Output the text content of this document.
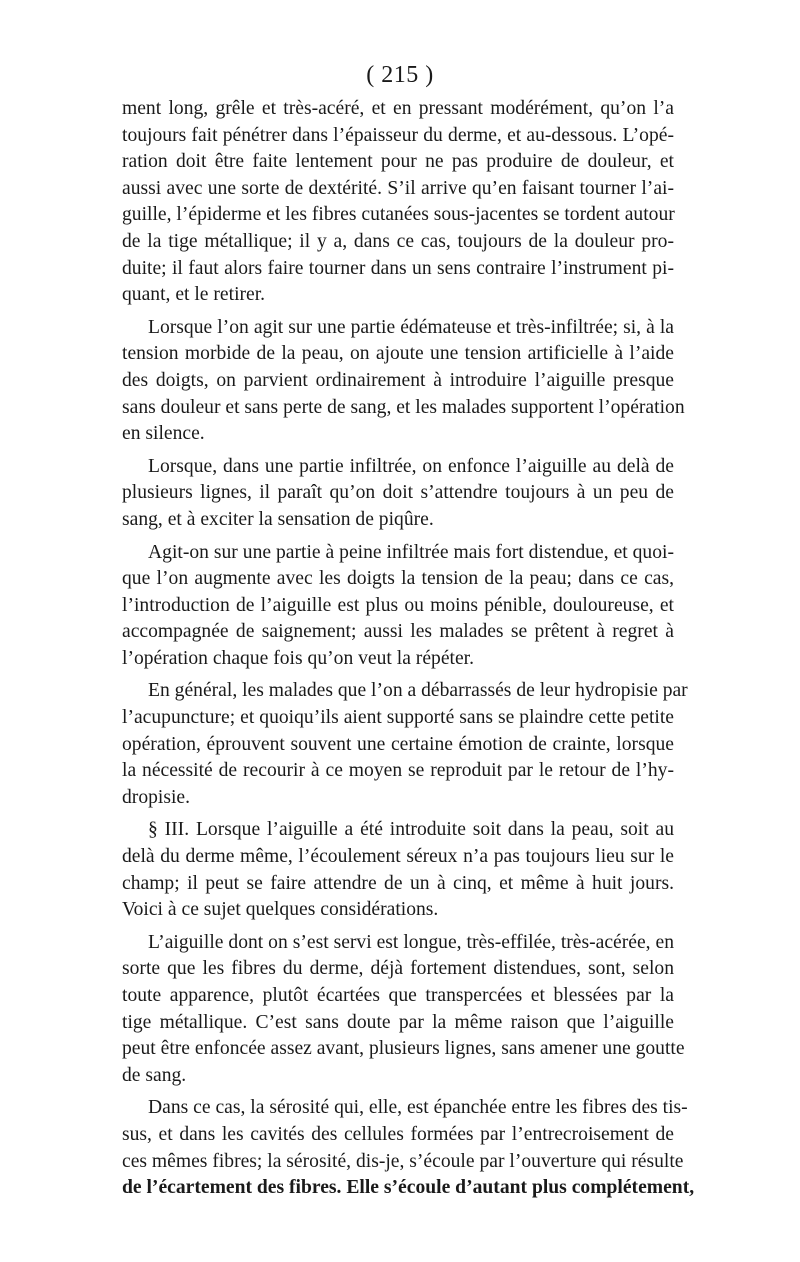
( 215 )
ment long, grêle et très-acéré, et en pressant modérément, qu’on l’a
toujours fait pénétrer dans l’épaisseur du derme, et au-dessous. L’opé-
ration doit être faite lentement pour ne pas produire de douleur, et
aussi avec une sorte de dextérité. S’il arrive qu’en faisant tourner l’ai-
guille, l’épiderme et les fibres cutanées sous-jacentes se tordent autour
de la tige métallique; il y a, dans ce cas, toujours de la douleur pro-
duite; il faut alors faire tourner dans un sens contraire l’instrument pi-
quant, et le retirer.
Lorsque l’on agit sur une partie édémateuse et très-infiltrée; si, à la
tension morbide de la peau, on ajoute une tension artificielle à l’aide
des doigts, on parvient ordinairement à introduire l’aiguille presque
sans douleur et sans perte de sang, et les malades supportent l’opération
en silence.
Lorsque, dans une partie infiltrée, on enfonce l’aiguille au delà de
plusieurs lignes, il paraît qu’on doit s’attendre toujours à un peu de
sang, et à exciter la sensation de piqûre.
Agit-on sur une partie à peine infiltrée mais fort distendue, et quoi-
que l’on augmente avec les doigts la tension de la peau; dans ce cas,
l’introduction de l’aiguille est plus ou moins pénible, douloureuse, et
accompagnée de saignement; aussi les malades se prêtent à regret à
l’opération chaque fois qu’on veut la répéter.
En général, les malades que l’on a débarrassés de leur hydropisie par
l’acupuncture; et quoiqu’ils aient supporté sans se plaindre cette petite
opération, éprouvent souvent une certaine émotion de crainte, lorsque
la nécessité de recourir à ce moyen se reproduit par le retour de l’hy-
dropisie.
§ III. Lorsque l’aiguille a été introduite soit dans la peau, soit au
delà du derme même, l’écoulement séreux n’a pas toujours lieu sur le
champ; il peut se faire attendre de un à cinq, et même à huit jours.
Voici à ce sujet quelques considérations.
L’aiguille dont on s’est servi est longue, très-effilée, très-acérée, en
sorte que les fibres du derme, déjà fortement distendues, sont, selon
toute apparence, plutôt écartées que transpercées et blessées par la
tige métallique. C’est sans doute par la même raison que l’aiguille
peut être enfoncée assez avant, plusieurs lignes, sans amener une goutte
de sang.
Dans ce cas, la sérosité qui, elle, est épanchée entre les fibres des tis-
sus, et dans les cavités des cellules formées par l’entrecroisement de
ces mêmes fibres; la sérosité, dis-je, s’écoule par l’ouverture qui résulte
de l’écartement des fibres. Elle s’écoule d’autant plus complétement,
